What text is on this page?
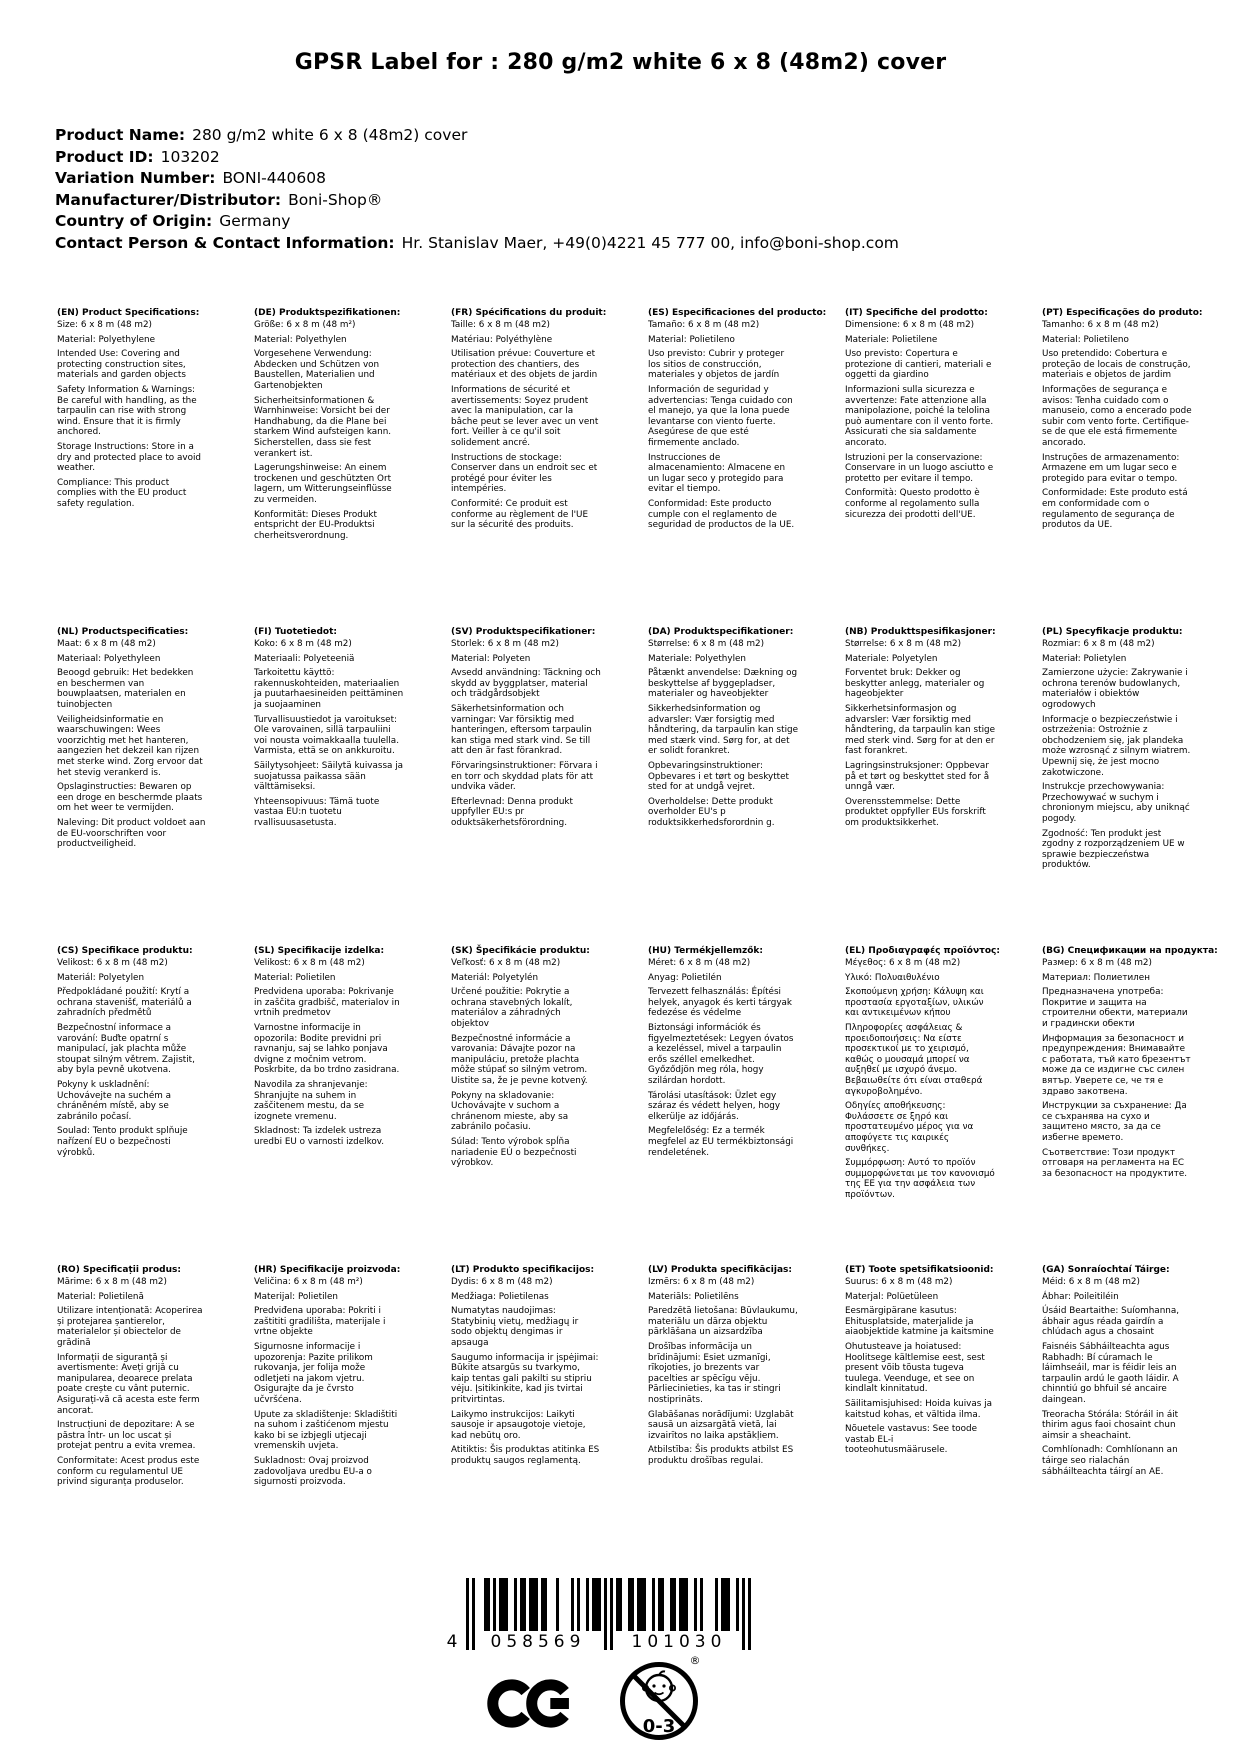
GPSR Label for : 280 g/m2 white 6 x 8 (48m2) cover
Product Name: 280 g/m2 white 6 x 8 (48m2) cover
Product ID: 103202
Variation Number: BONI-440608
Manufacturer/Distributor: Boni-Shop®
Country of Origin: Germany
Contact Person & Contact Information: Hr. Stanislav Maer, +49(0)4221 45 777 00, info@boni-shop.com
(EN) Product Specifications:
Size: 6 x 8 m (48 m2)
Material: Polyethylene
Intended Use: Covering and protecting construction sites, materials and garden objects
Safety Information & Warnings: Be careful with handling, as the tarpaulin can rise with strong wind. Ensure that it is firmly anchored.
Storage Instructions: Store in a dry and protected place to avoid weather.
Compliance: This product complies with the EU product safety regulation.
(DE) Produktspezifikationen:
Größe: 6 x 8 m (48 m²)
Material: Polyethylen
Vorgesehene Verwendung: Abdecken und Schützen von Baustellen, Materialien und Gartenobjekten
Sicherheitsinformationen & Warnhinweise: Vorsicht bei der Handhabung, da die Plane bei starkem Wind aufsteigen kann. Sicherstellen, dass sie fest verankert ist.
Lagerungshinweise: An einem trockenen und geschützten Ort lagern, um Witterungseinflüsse zu vermeiden.
Konformität: Dieses Produkt entspricht der EU-Produktsi cherheitsverordnung.
(FR) Spécifications du produit:
Taille: 6 x 8 m (48 m2)
Matériau: Polyéthylène
Utilisation prévue: Couverture et protection des chantiers, des matériaux et des objets de jardin
Informations de sécurité et avertissements: Soyez prudent avec la manipulation, car la bâche peut se lever avec un vent fort. Veiller à ce qu'il soit solidement ancré.
Instructions de stockage: Conserver dans un endroit sec et protégé pour éviter les intempéries.
Conformité: Ce produit est conforme au règlement de l'UE sur la sécurité des produits.
(ES) Especificaciones del producto:
Tamaño: 6 x 8 m (48 m2)
Material: Polietileno
Uso previsto: Cubrir y proteger los sitios de construcción, materiales y objetos de jardín
Información de seguridad y advertencias: Tenga cuidado con el manejo, ya que la lona puede levantarse con viento fuerte. Asegúrese de que esté firmemente anclado.
Instrucciones de almacenamiento: Almacene en un lugar seco y protegido para evitar el tiempo.
Conformidad: Este producto cumple con el reglamento de seguridad de productos de la UE.
(IT) Specifiche del prodotto:
Dimensione: 6 x 8 m (48 m2)
Materiale: Polietilene
Uso previsto: Copertura e protezione di cantieri, materiali e oggetti da giardino
Informazioni sulla sicurezza e avvertenze: Fate attenzione alla manipolazione, poiché la telolina può aumentare con il vento forte. Assicurati che sia saldamente ancorato.
Istruzioni per la conservazione: Conservare in un luogo asciutto e protetto per evitare il tempo.
Conformità: Questo prodotto è conforme al regolamento sulla sicurezza dei prodotti dell'UE.
(PT) Especificações do produto:
Tamanho: 6 x 8 m (48 m2)
Material: Polietileno
Uso pretendido: Cobertura e proteção de locais de construção, materiais e objetos de jardim
Informações de segurança e avisos: Tenha cuidado com o manuseio, como a encerado pode subir com vento forte. Certifique-se de que ele está firmemente ancorado.
Instruções de armazenamento: Armazene em um lugar seco e protegido para evitar o tempo.
Conformidade: Este produto está em conformidade com o regulamento de segurança de produtos da UE.
(NL) Productspecificaties:
Maat: 6 x 8 m (48 m2)
Materiaal: Polyethyleen
Beoogd gebruik: Het bedekken en beschermen van bouwplaatsen, materialen en tuinobjecten
Veiligheidsinformatie en waarschuwingen: Wees voorzichtig met het hanteren, aangezien het dekzeil kan rijzen met sterke wind. Zorg ervoor dat het stevig verankerd is.
Opslaginstructies: Bewaren op een droge en beschermde plaats om het weer te vermijden.
Naleving: Dit product voldoet aan de EU-voorschriften voor productveiligheid.
(FI) Tuotetiedot:
Koko: 6 x 8 m (48 m2)
Materiaali: Polyeteeniä
Tarkoitettu käyttö: rakennuskohteiden, materiaalien ja puutarhaesineiden peittäminen ja suojaaminen
Turvallisuustiedot ja varoitukset: Ole varovainen, sillä tarpauliini voi nousta voimakkaalla tuulella. Varmista, että se on ankkuroitu.
Säilytysohjeet: Säilytä kuivassa ja suojatussa paikassa sään välttämiseksi.
Yhteensopivuus: Tämä tuote vastaa EU:n tuotetu rvallisuusasetusta.
(SV) Produktspecifikationer:
Storlek: 6 x 8 m (48 m2)
Material: Polyeten
Avsedd användning: Täckning och skydd av byggplatser, material och trädgårdsobjekt
Säkerhetsinformation och varningar: Var försiktig med hanteringen, eftersom tarpaulin kan stiga med stark vind. Se till att den är fast förankrad.
Förvaringsinstruktioner: Förvara i en torr och skyddad plats för att undvika väder.
Efterlevnad: Denna produkt uppfyller EU:s pr oduktsäkerhetsförordning.
(DA) Produktspecifikationer:
Størrelse: 6 x 8 m (48 m2)
Materiale: Polyethylen
Påtænkt anvendelse: Dækning og beskyttelse af byggepladser, materialer og haveobjekter
Sikkerhedsinformation og advarsler: Vær forsigtig med håndtering, da tarpaulin kan stige med stærk vind. Sørg for, at det er solidt forankret.
Opbevaringsinstruktioner: Opbevares i et tørt og beskyttet sted for at undgå vejret.
Overholdelse: Dette produkt overholder EU's p roduktsikkerhedsforordnin g.
(NB) Produkttspesifikasjoner:
Størrelse: 6 x 8 m (48 m2)
Materiale: Polyetylen
Forventet bruk: Dekker og beskytter anlegg, materialer og hageobjekter
Sikkerhetsinformasjon og advarsler: Vær forsiktig med håndtering, da tarpaulin kan stige med sterk vind. Sørg for at den er fast forankret.
Lagringsinstruksjoner: Oppbevar på et tørt og beskyttet sted for å unngå vær.
Overensstemmelse: Dette produktet oppfyller EUs forskrift om produktsikkerhet.
(PL) Specyfikacje produktu:
Rozmiar: 6 x 8 m (48 m2)
Materiał: Polietylen
Zamierzone użycie: Zakrywanie i ochrona terenów budowlanych, materiałów i obiektów ogrodowych
Informacje o bezpieczeństwie i ostrzeżenia: Ostrożnie z obchodzeniem się, jak plandeka może wzrosnąć z silnym wiatrem. Upewnij się, że jest mocno zakotwiczone.
Instrukcje przechowywania: Przechowywać w suchym i chronionym miejscu, aby uniknąć pogody.
Zgodność: Ten produkt jest zgodny z rozporządzeniem UE w sprawie bezpieczeństwa produktów.
(CS) Specifikace produktu:
Velikost: 6 x 8 m (48 m2)
Materiál: Polyetylen
Předpokládané použití: Krytí a ochrana stavenišť, materiálů a zahradních předmětů
Bezpečnostní informace a varování: Buďte opatrní s manipulací, jak plachta může stoupat silným větrem. Zajistit, aby byla pevně ukotvena.
Pokyny k uskladnění: Uchovávejte na suchém a chráněném místě, aby se zabránilo počasí.
Soulad: Tento produkt splňuje nařízení EU o bezpečnosti výrobků.
(SL) Specifikacije izdelka:
Velikost: 6 x 8 m (48 m2)
Material: Polietilen
Predvidena uporaba: Pokrivanje in zaščita gradbišč, materialov in vrtnih predmetov
Varnostne informacije in opozorila: Bodite previdni pri ravnanju, saj se lahko ponjava dvigne z močnim vetrom. Poskrbite, da bo trdno zasidrana.
Navodila za shranjevanje: Shranjujte na suhem in zaščitenem mestu, da se izognete vremenu.
Skladnost: Ta izdelek ustreza uredbi EU o varnosti izdelkov.
(SK) Špecifikácie produktu:
Veľkosť: 6 x 8 m (48 m2)
Materiál: Polyetylén
Určené použitie: Pokrytie a ochrana stavebných lokalít, materiálov a záhradných objektov
Bezpečnostné informácie a varovania: Dávajte pozor na manipuláciu, pretože plachta môže stúpať so silným vetrom. Uistite sa, že je pevne kotvený.
Pokyny na skladovanie: Uchovávajte v suchom a chránenom mieste, aby sa zabránilo počasiu.
Súlad: Tento výrobok spĺňa nariadenie EÚ o bezpečnosti výrobkov.
(HU) Termékjellemzők:
Méret: 6 x 8 m (48 m2)
Anyag: Polietilén
Tervezett felhasználás: Építési helyek, anyagok és kerti tárgyak fedezése és védelme
Biztonsági információk és figyelmeztetések: Legyen óvatos a kezeléssel, mivel a tarpaulin erős széllel emelkedhet. Győződjön meg róla, hogy szilárdan hordott.
Tárolási utasítások: Üzlet egy száraz és védett helyen, hogy elkerülje az időjárás.
Megfelelőség: Ez a termék megfelel az EU termékbiztonsági rendeletének.
(EL) Προδιαγραφές προϊόντος:
Μέγεθος: 6 x 8 m (48 m2)
Υλικό: Πολυαιθυλένιο
Σκοπούμενη χρήση: Κάλυψη και προστασία εργοταξίων, υλικών και αντικειμένων κήπου
Πληροφορίες ασφάλειας & προειδοποιήσεις: Να είστε προσεκτικοί με το χειρισμό, καθώς ο μουσαμά μπορεί να αυξηθεί με ισχυρό άνεμο. Βεβαιωθείτε ότι είναι σταθερά αγκυροβολημένο.
Οδηγίες αποθήκευσης: Φυλάσσετε σε ξηρό και προστατευμένο μέρος για να αποφύγετε τις καιρικές συνθήκες.
Συμμόρφωση: Αυτό το προϊόν συμμορφώνεται με τον κανονισμό της ΕΕ για την ασφάλεια των προϊόντων.
(BG) Спецификации на продукта:
Размер: 6 x 8 m (48 m2)
Материал: Полиетилен
Предназначена употреба: Покритие и защита на строителни обекти, материали и градински обекти
Информация за безопасност и предупреждения: Внимавайте с работата, тъй като брезентът може да се издигне със силен вятър. Уверете се, че тя е здраво закотвена.
Инструкции за съхранение: Да се съхранява на сухо и защитено място, за да се избегне времето.
Съответствие: Този продукт отговаря на регламента на ЕС за безопасност на продуктите.
(RO) Specificații produs:
Mărime: 6 x 8 m (48 m2)
Material: Polietilenă
Utilizare intenționată: Acoperirea și protejarea șantierelor, materialelor și obiectelor de grădină
Informații de siguranță și avertismente: Aveți grijă cu manipularea, deoarece prelata poate crește cu vânt puternic. Asigurați-vă că acesta este ferm ancorat.
Instrucțiuni de depozitare: A se păstra într- un loc uscat și protejat pentru a evita vremea.
Conformitate: Acest produs este conform cu regulamentul UE privind siguranța produselor.
(HR) Specifikacije proizvoda:
Veličina: 6 x 8 m (48 m²)
Materijal: Polietilen
Predviđena uporaba: Pokriti i zaštititi gradilišta, materijale i vrtne objekte
Sigurnosne informacije i upozorenja: Pazite prilikom rukovanja, jer folija može odletjeti na jakom vjetru. Osigurajte da je čvrsto učvršćena.
Upute za skladištenje: Skladištiti na suhom i zaštićenom mjestu kako bi se izbjegli utjecaji vremenskih uvjeta.
Sukladnost: Ovaj proizvod zadovoljava uredbu EU-a o sigurnosti proizvoda.
(LT) Produkto specifikacijos:
Dydis: 6 x 8 m (48 m2)
Medžiaga: Polietilenas
Numatytas naudojimas: Statybinių vietų, medžiagų ir sodo objektų dengimas ir apsauga
Saugumo informacija ir įspėjimai: Būkite atsargūs su tvarkymo, kaip tentas gali pakilti su stipriu vėju. Įsitikinkite, kad jis tvirtai pritvirtintas.
Laikymo instrukcijos: Laikyti sausoje ir apsaugotoje vietoje, kad nebūtų oro.
Atitiktis: Šis produktas atitinka ES produktų saugos reglamentą.
(LV) Produkta specifikācijas:
Izmērs: 6 x 8 m (48 m2)
Materiāls: Polietilēns
Paredzētā lietošana: Būvlaukumu, materiālu un dārza objektu pārklāšana un aizsardzība
Drošības informācija un brīdinājumi: Esiet uzmanīgi, rīkojoties, jo brezents var pacelties ar spēcīgu vēju. Pārliecinieties, ka tas ir stingri nostiprināts.
Glabāšanas norādījumi: Uzglabāt sausā un aizsargātā vietā, lai izvairītos no laika apstākļiem.
Atbilstība: Šis produkts atbilst ES produktu drošības regulai.
(ET) Toote spetsifikatsioonid:
Suurus: 6 x 8 m (48 m2)
Materjal: Polüetüleen
Eesmärgipärane kasutus: Ehitusplatside, materjalide ja aiaobjektide katmine ja kaitsmine
Ohutusteave ja hoiatused: Hoolitsege kältlemise eest, sest present võib tõusta tugeva tuulega. Veenduge, et see on kindlalt kinnitatud.
Säilitamisjuhised: Hoida kuivas ja kaitstud kohas, et vältida ilma.
Nõuetele vastavus: See toode vastab EL-i tooteohutusmäärusele.
(GA) Sonraíochtaí Táirge:
Méid: 6 x 8 m (48 m2)
Ábhar: Poileitiléin
Úsáid Beartaithe: Suíomhanna, ábhair agus réada gairdín a chlúdach agus a chosaint
Faisnéis Sábháilteachta agus Rabhadh: Bí cúramach le láimhseáil, mar is féidir leis an tarpaulin ardú le gaoth láidir. A chinntiú go bhfuil sé ancaire daingean.
Treoracha Stórála: Stóráil in áit thirim agus faoi chosaint chun aimsir a sheachaint.
Comhlíonadh: Comhlíonann an táirge seo rialachán sábháilteachta táirgí an AE.
4	058569	101030
0-3
®
